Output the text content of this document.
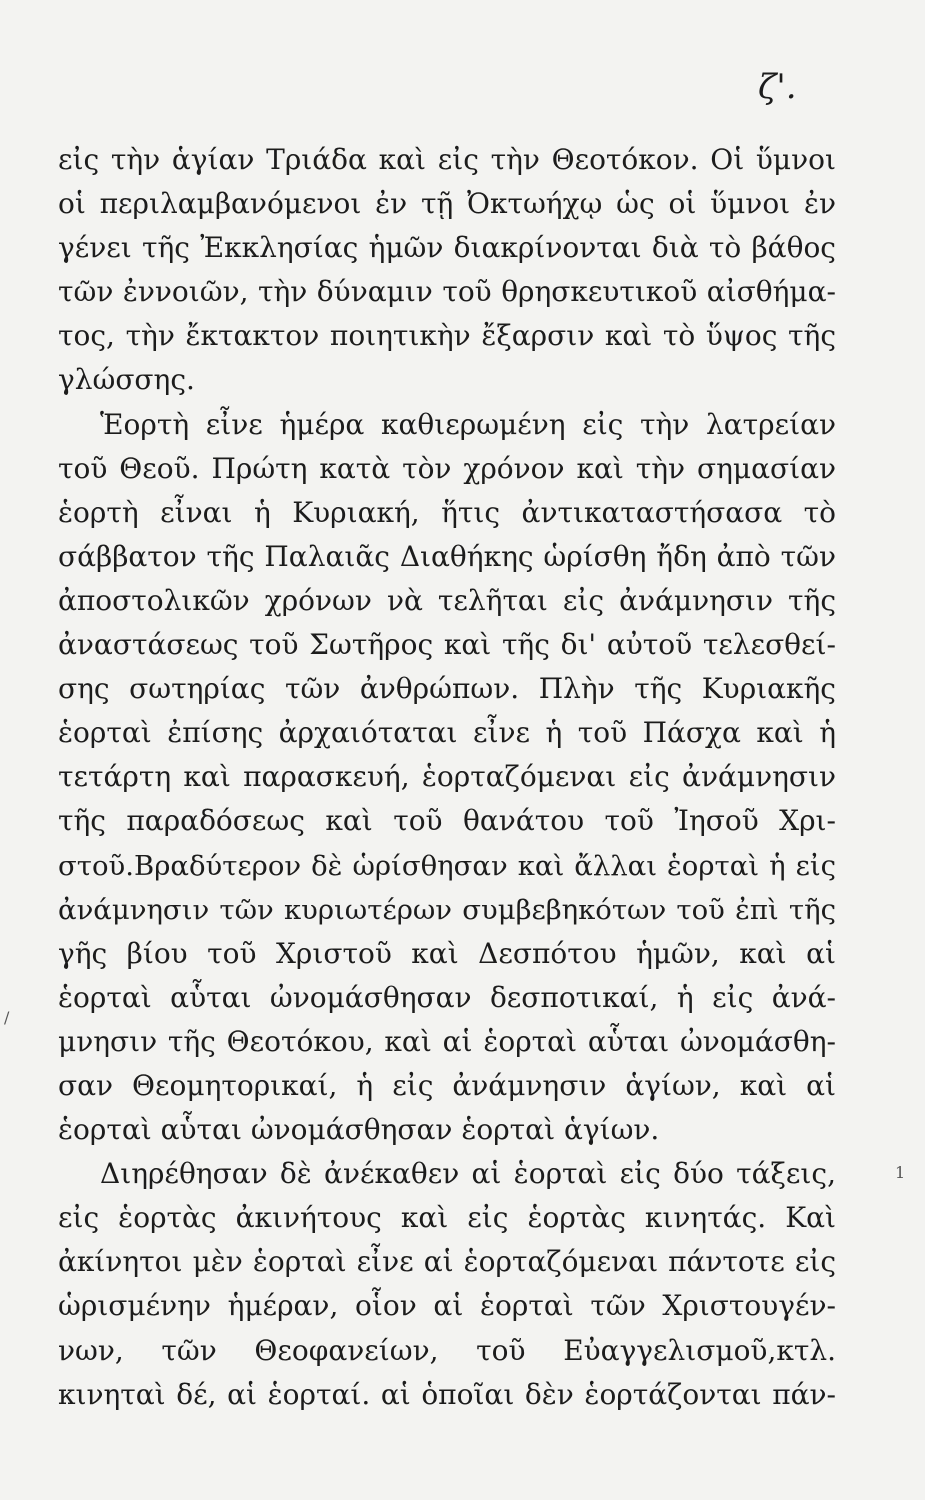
ζ'.
/
1
εἰς τὴν ἁγίαν Τριάδα καὶ εἰς τὴν Θεοτόκον. Οἱ ὕμνοι
οἱ περιλαμβανόμενοι ἐν τῇ Ὀκτωήχῳ ὡς οἱ ὕμνοι ἐν
γένει τῆς Ἐκκλησίας ἡμῶν διακρίνονται διὰ τὸ βάθος
τῶν ἐννοιῶν, τὴν δύναμιν τοῦ θρησκευτικοῦ αἰσθήμα-
τος, τὴν ἔκτακτον ποιητικὴν ἔξαρσιν καὶ τὸ ὕψος τῆς
γλώσσης.
Ἑορτὴ εἶνε ἡμέρα καθιερωμένη εἰς τὴν λατρείαν
τοῦ Θεοῦ. Πρώτη κατὰ τὸν χρόνον καὶ τὴν σημασίαν
ἑορτὴ εἶναι ἡ Κυριακή, ἥτις ἀντικαταστήσασα τὸ
σάββατον τῆς Παλαιᾶς Διαθήκης ὡρίσθη ἤδη ἀπὸ τῶν
ἀποστολικῶν χρόνων νὰ τελῆται εἰς ἀνάμνησιν τῆς
ἀναστάσεως τοῦ Σωτῆρος καὶ τῆς δι' αὐτοῦ τελεσθεί-
σης σωτηρίας τῶν ἀνθρώπων. Πλὴν τῆς Κυριακῆς
ἑορταὶ ἐπίσης ἀρχαιόταται εἶνε ἡ τοῦ Πάσχα καὶ ἡ
τετάρτη καὶ παρασκευή, ἑορταζόμεναι εἰς ἀνάμνησιν
τῆς παραδόσεως καὶ τοῦ θανάτου τοῦ Ἰησοῦ Χρι-
στοῦ.Βραδύτερον δὲ ὡρίσθησαν καὶ ἄλλαι ἑορταὶ ἡ εἰς
ἀνάμνησιν τῶν κυριωτέρων συμβεβηκότων τοῦ ἐπὶ τῆς
γῆς βίου τοῦ Χριστοῦ καὶ Δεσπότου ἡμῶν, καὶ αἱ
ἑορταὶ αὗται ὠνομάσθησαν δεσποτικαί, ἡ εἰς ἀνά-
μνησιν τῆς Θεοτόκου, καὶ αἱ ἑορταὶ αὗται ὠνομάσθη-
σαν Θεομητορικαί, ἡ εἰς ἀνάμνησιν ἁγίων, καὶ αἱ
ἑορταὶ αὗται ὠνομάσθησαν ἑορταὶ ἁγίων.
Διηρέθησαν δὲ ἀνέκαθεν αἱ ἑορταὶ εἰς δύο τάξεις,
εἰς ἑορτὰς ἀκινήτους καὶ εἰς ἑορτὰς κινητάς. Καὶ
ἀκίνητοι μὲν ἑορταὶ εἶνε αἱ ἑορταζόμεναι πάντοτε εἰς
ὡρισμένην ἡμέραν, οἷον αἱ ἑορταὶ τῶν Χριστουγέν-
νων, τῶν Θεοφανείων, τοῦ Εὐαγγελισμοῦ,κτλ.
κινηταὶ δέ, αἱ ἑορταί. αἱ ὁποῖαι δὲν ἑορτάζονται πάν-
